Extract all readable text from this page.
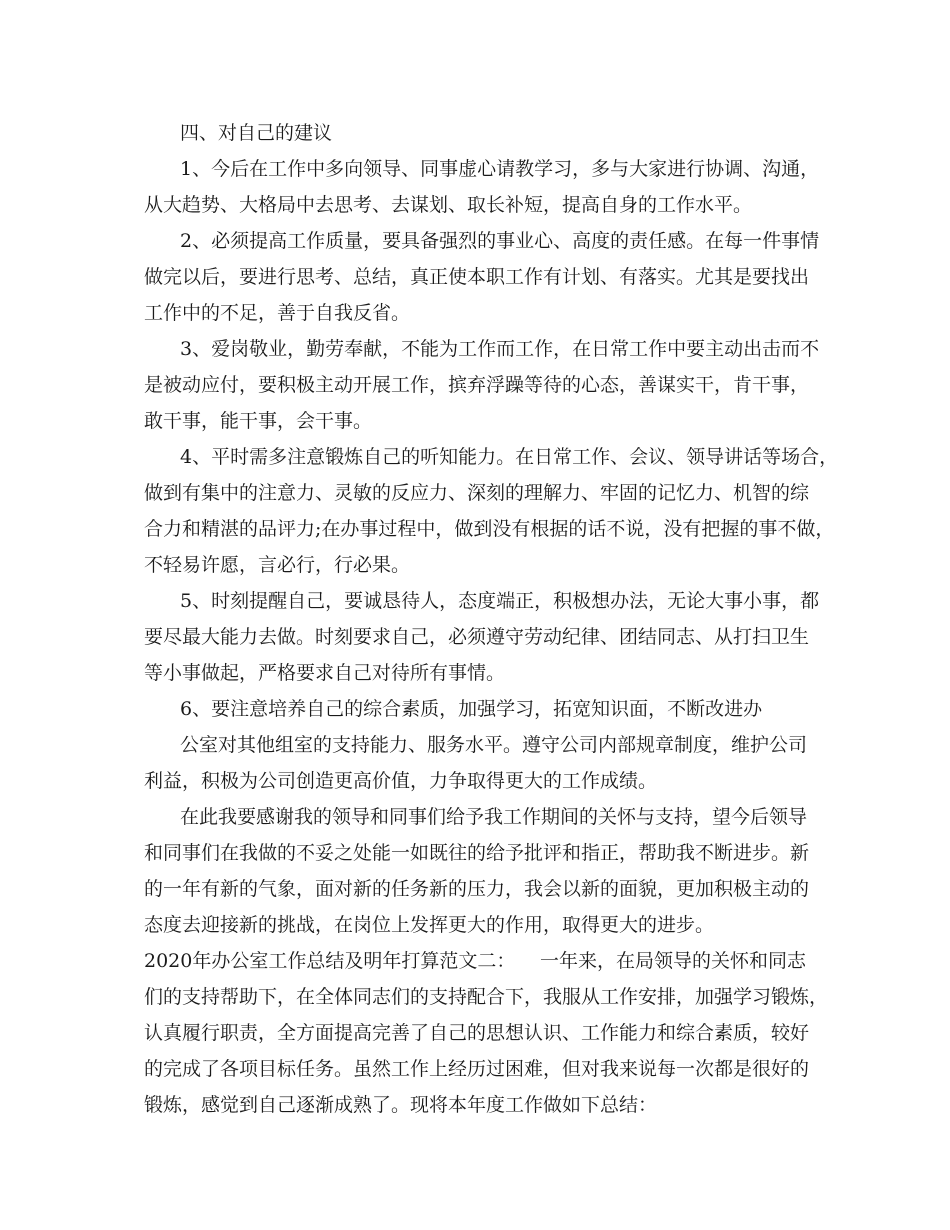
四、对自己的建议
1、今后在工作中多向领导、同事虚心请教学习，多与大家进行协调、沟通，
从大趋势、大格局中去思考、去谋划、取长补短，提高自身的工作水平。
2、必须提高工作质量，要具备强烈的事业心、高度的责任感。在每一件事情
做完以后，要进行思考、总结，真正使本职工作有计划、有落实。尤其是要找出
工作中的不足，善于自我反省。
3、爱岗敬业，勤劳奉献，不能为工作而工作，在日常工作中要主动出击而不
是被动应付，要积极主动开展工作，摈弃浮躁等待的心态，善谋实干，肯干事，
敢干事，能干事，会干事。
4、平时需多注意锻炼自己的听知能力。在日常工作、会议、领导讲话等场合，
做到有集中的注意力、灵敏的反应力、深刻的理解力、牢固的记忆力、机智的综
合力和精湛的品评力;在办事过程中，做到没有根据的话不说，没有把握的事不做，
不轻易许愿，言必行，行必果。
5、时刻提醒自己，要诚恳待人，态度端正，积极想办法，无论大事小事，都
要尽最大能力去做。时刻要求自己，必须遵守劳动纪律、团结同志、从打扫卫生
等小事做起，严格要求自己对待所有事情。
6、要注意培养自己的综合素质，加强学习，拓宽知识面，不断改进办
公室对其他组室的支持能力、服务水平。遵守公司内部规章制度，维护公司
利益，积极为公司创造更高价值，力争取得更大的工作成绩。
在此我要感谢我的领导和同事们给予我工作期间的关怀与支持，望今后领导
和同事们在我做的不妥之处能一如既往的给予批评和指正，帮助我不断进步。新
的一年有新的气象，面对新的任务新的压力，我会以新的面貌，更加积极主动的
态度去迎接新的挑战，在岗位上发挥更大的作用，取得更大的进步。
2020年办公室工作总结及明年打算范文二： 一年来，在局领导的关怀和同志
们的支持帮助下，在全体同志们的支持配合下，我服从工作安排，加强学习锻炼，
认真履行职责，全方面提高完善了自己的思想认识、工作能力和综合素质，较好
的完成了各项目标任务。虽然工作上经历过困难，但对我来说每一次都是很好的
锻炼，感觉到自己逐渐成熟了。现将本年度工作做如下总结：
